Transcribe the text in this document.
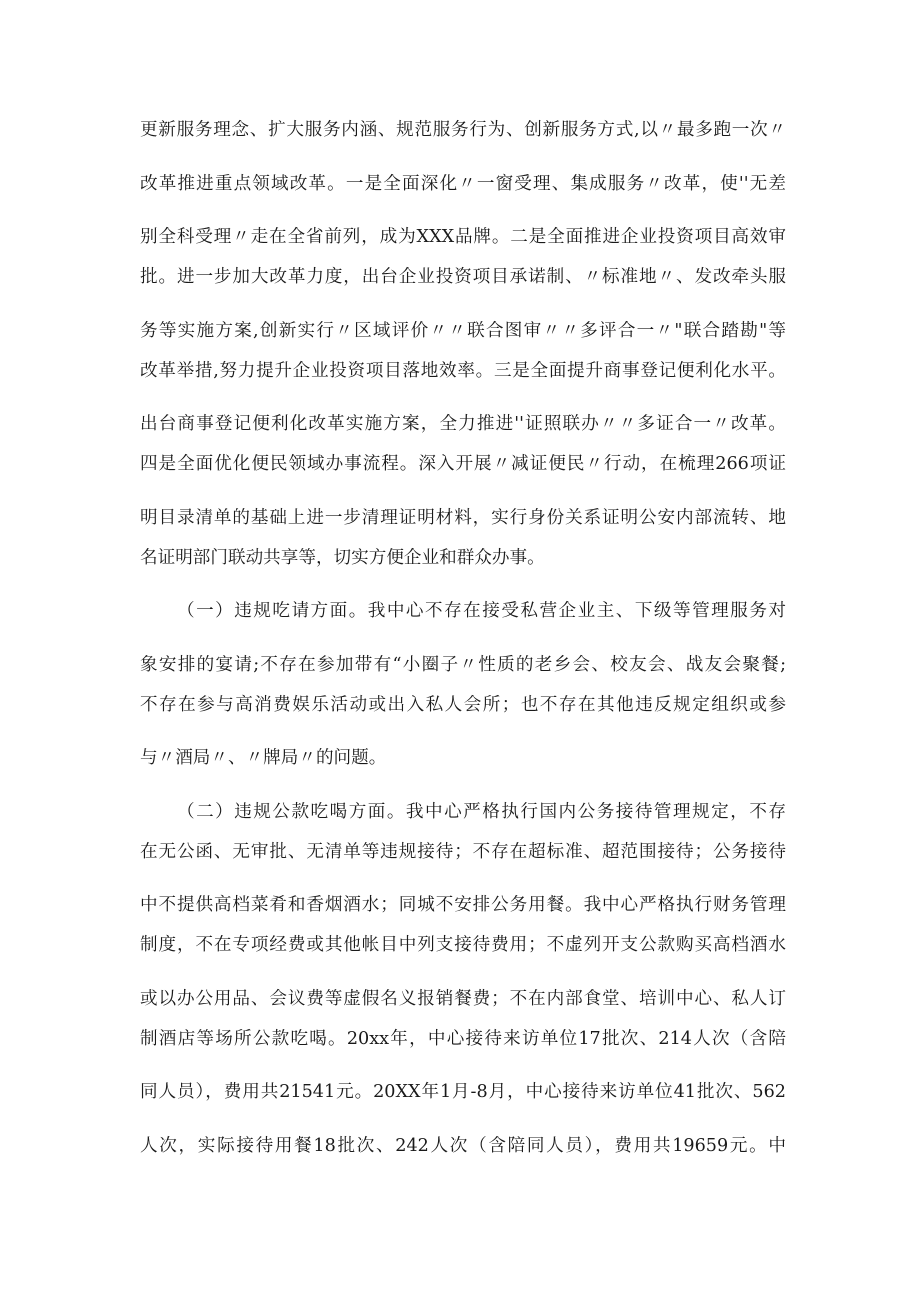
更新服务理念、扩大服务内涵、规范服务行为、创新服务方式,以〃最多跑一次〃
改革推进重点领域改革。一是全面深化〃一窗受理、集成服务〃改革，使''无差
别全科受理〃走在全省前列，成为XXX品牌。二是全面推进企业投资项目高效审
批。进一步加大改革力度，出台企业投资项目承诺制、〃标准地〃、发改牵头服
务等实施方案,创新实行〃区域评价〃〃联合图审〃〃多评合一〃"联合踏勘"等
改革举措,努力提升企业投资项目落地效率。三是全面提升商事登记便利化水平。
出台商事登记便利化改革实施方案，全力推进''证照联办〃〃多证合一〃改革。
四是全面优化便民领域办事流程。深入开展〃减证便民〃行动，在梳理266项证
明目录清单的基础上进一步清理证明材料，实行身份关系证明公安内部流转、地
名证明部门联动共享等，切实方便企业和群众办事。
（一）违规吃请方面。我中心不存在接受私营企业主、下级等管理服务对
象安排的宴请;不存在参加带有“小圈子〃性质的老乡会、校友会、战友会聚餐;
不存在参与高消费娱乐活动或出入私人会所；也不存在其他违反规定组织或参
与〃酒局〃、〃牌局〃的问题。
（二）违规公款吃喝方面。我中心严格执行国内公务接待管理规定，不存
在无公函、无审批、无清单等违规接待；不存在超标准、超范围接待；公务接待
中不提供高档菜肴和香烟酒水；同城不安排公务用餐。我中心严格执行财务管理
制度，不在专项经费或其他帐目中列支接待费用；不虚列开支公款购买高档酒水
或以办公用品、会议费等虚假名义报销餐费；不在内部食堂、培训中心、私人订
制酒店等场所公款吃喝。20xx年，中心接待来访单位17批次、214人次（含陪
同人员），费用共21541元。20XX年1月-8月，中心接待来访单位41批次、562
人次，实际接待用餐18批次、242人次（含陪同人员），费用共19659元。中
